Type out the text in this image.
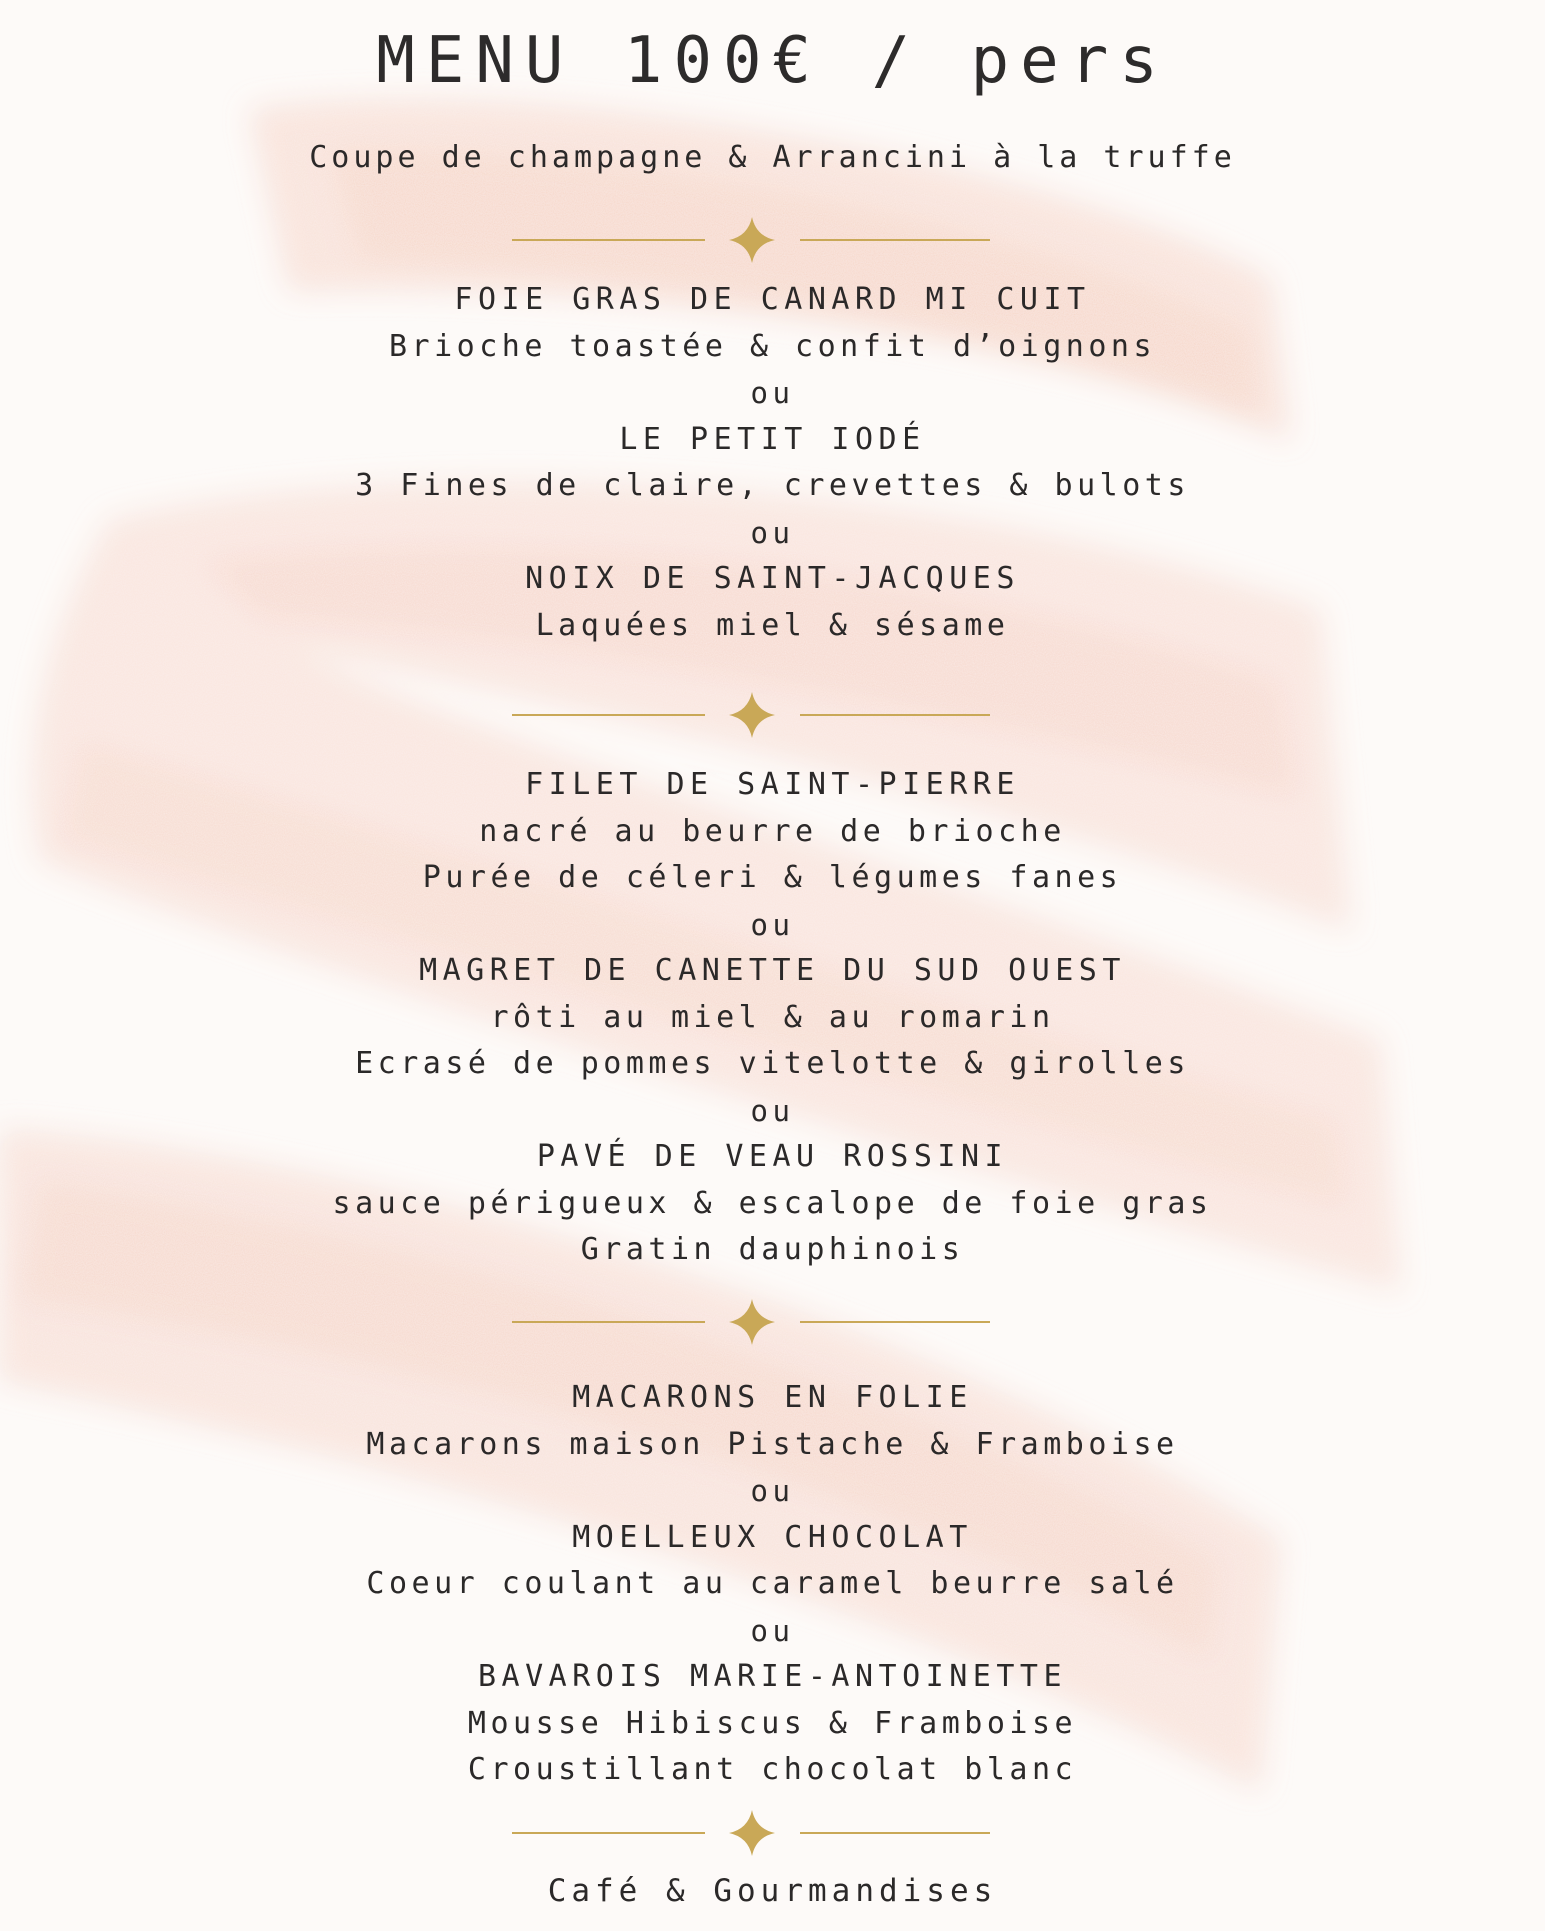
MENU 100€ / pers
Coupe de champagne & Arrancini à la truffe
FOIE GRAS DE CANARD MI CUIT
Brioche toastée & confit d’oignons
ou
LE PETIT IODÉ
3 Fines de claire, crevettes & bulots
ou
NOIX DE SAINT-JACQUES
Laquées miel & sésame
FILET DE SAINT-PIERRE
nacré au beurre de brioche
Purée de céleri & légumes fanes
ou
MAGRET DE CANETTE DU SUD OUEST
rôti au miel & au romarin
Ecrasé de pommes vitelotte & girolles
ou
PAVÉ DE VEAU ROSSINI
sauce périgueux & escalope de foie gras
Gratin dauphinois
MACARONS EN FOLIE
Macarons maison Pistache & Framboise
ou
MOELLEUX CHOCOLAT
Coeur coulant au caramel beurre salé
ou
BAVAROIS MARIE-ANTOINETTE
Mousse Hibiscus & Framboise
Croustillant chocolat blanc
Café & Gourmandises
